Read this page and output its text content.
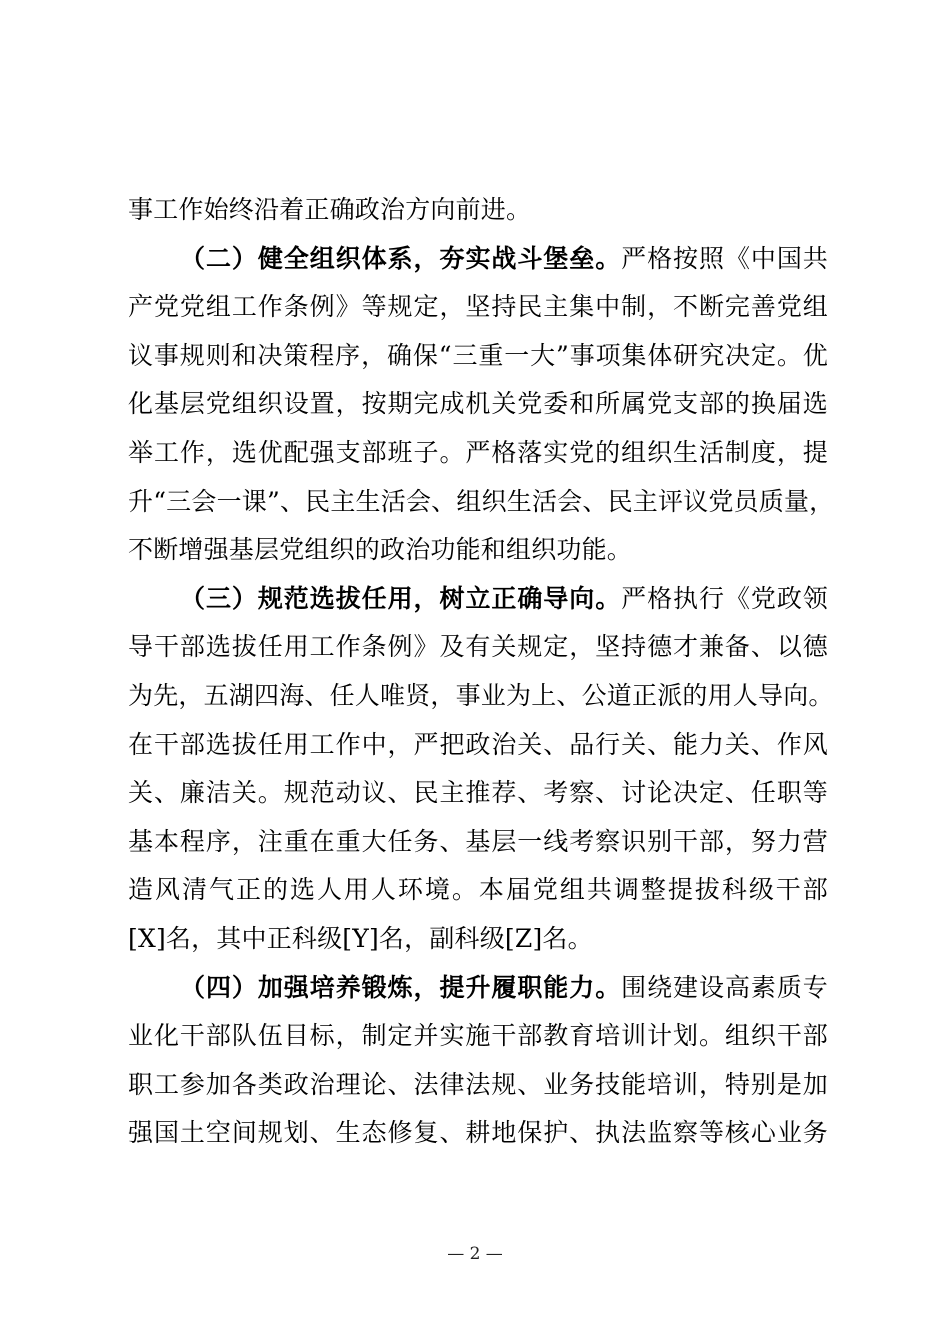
事工作始终沿着正确政治方向前进。
（二）健全组织体系，夯实战斗堡垒。严格按照《中国共
产党党组工作条例》等规定，坚持民主集中制，不断完善党组
议事规则和决策程序，确保“三重一大”事项集体研究决定。优
化基层党组织设置，按期完成机关党委和所属党支部的换届选
举工作，选优配强支部班子。严格落实党的组织生活制度，提
升“三会一课”、民主生活会、组织生活会、民主评议党员质量，
不断增强基层党组织的政治功能和组织功能。
（三）规范选拔任用，树立正确导向。严格执行《党政领
导干部选拔任用工作条例》及有关规定，坚持德才兼备、以德
为先，五湖四海、任人唯贤，事业为上、公道正派的用人导向。
在干部选拔任用工作中，严把政治关、品行关、能力关、作风
关、廉洁关。规范动议、民主推荐、考察、讨论决定、任职等
基本程序，注重在重大任务、基层一线考察识别干部，努力营
造风清气正的选人用人环境。本届党组共调整提拔科级干部
[X]名，其中正科级[Y]名，副科级[Z]名。
（四）加强培养锻炼，提升履职能力。围绕建设高素质专
业化干部队伍目标，制定并实施干部教育培训计划。组织干部
职工参加各类政治理论、法律法规、业务技能培训，特别是加
强国土空间规划、生态修复、耕地保护、执法监察等核心业务
— 2 —
